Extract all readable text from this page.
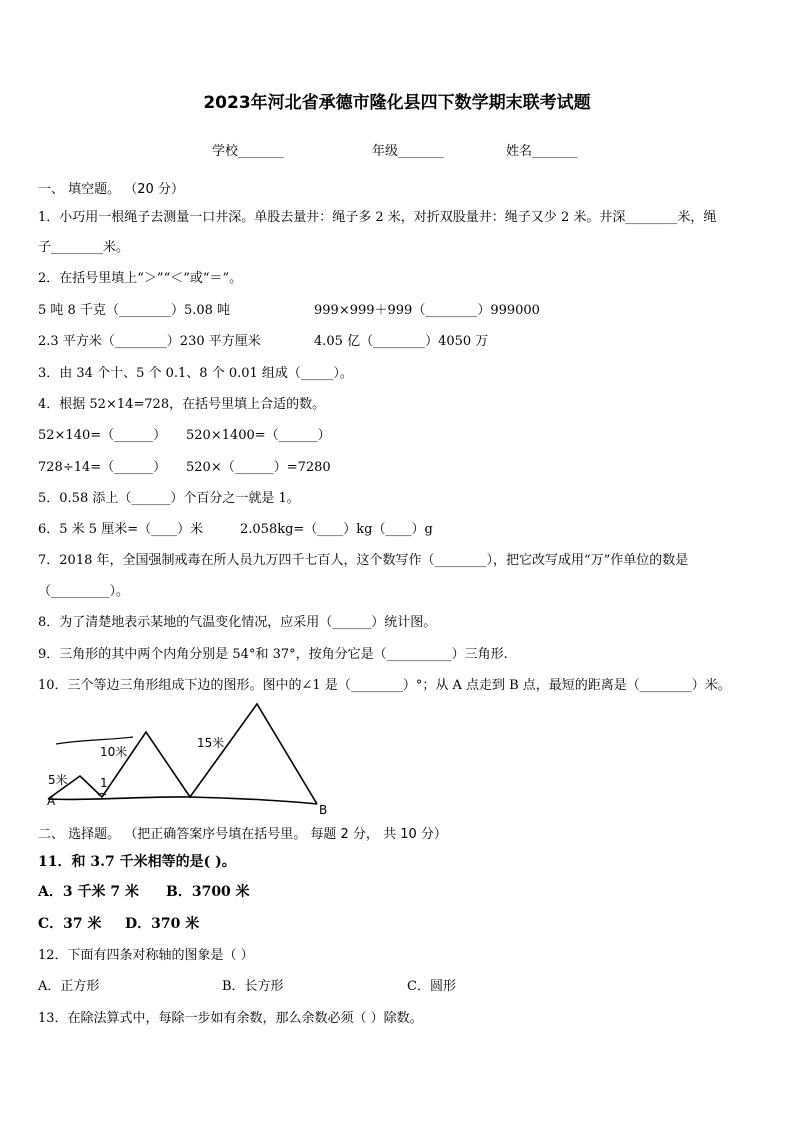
2023年河北省承德市隆化县四下数学期末联考试题
学校_______	年级_______	姓名_______
一、 填空题。 （20 分）
1．小巧用一根绳子去测量一口井深。单股去量井：绳子多 2 米，对折双股量井：绳子又少 2 米。井深________米，绳
子________米。
2．在括号里填上“＞”“＜”或“＝”。
5 吨 8 千克（________）5.08 吨	999×999＋999（________）999000
2.3 平方米（________）230 平方厘米	4.05 亿（________）4050 万
3．由 34 个十、5 个 0.1、8 个 0.01 组成（_____）。
4．根据 52×14=728，在括号里填上合适的数。
52×140=（______） 520×1400=（______）
728÷14=（______） 520×（______）=7280
5．0.58 添上（______）个百分之一就是 1。
6．5 米 5 厘米=（____）米	2.058kg=（____）kg（____）g
7．2018 年，全国强制戒毒在所人员九万四千七百人，这个数写作（________），把它改写成用“万”作单位的数是
（_________）。
8．为了清楚地表示某地的气温变化情况，应采用（______）统计图。
9．三角形的其中两个内角分别是 54°和 37°，按角分它是（__________）三角形.
10．三个等边三角形组成下边的图形。图中的∠1 是（________）°；从 A 点走到 B 点，最短的距离是（________）米。
5米
10米
15米
1
A
B
二、 选择题。 （把正确答案序号填在括号里。 每题 2 分， 共 10 分）
11．和 3.7 千米相等的是( )。
A．3 千米 7 米 B．3700 米
C．37 米 D．370 米
12．下面有四条对称轴的图象是（ ）
A．正方形	B．长方形	C．圆形
13．在除法算式中，每除一步如有余数，那么余数必须（ ）除数。
